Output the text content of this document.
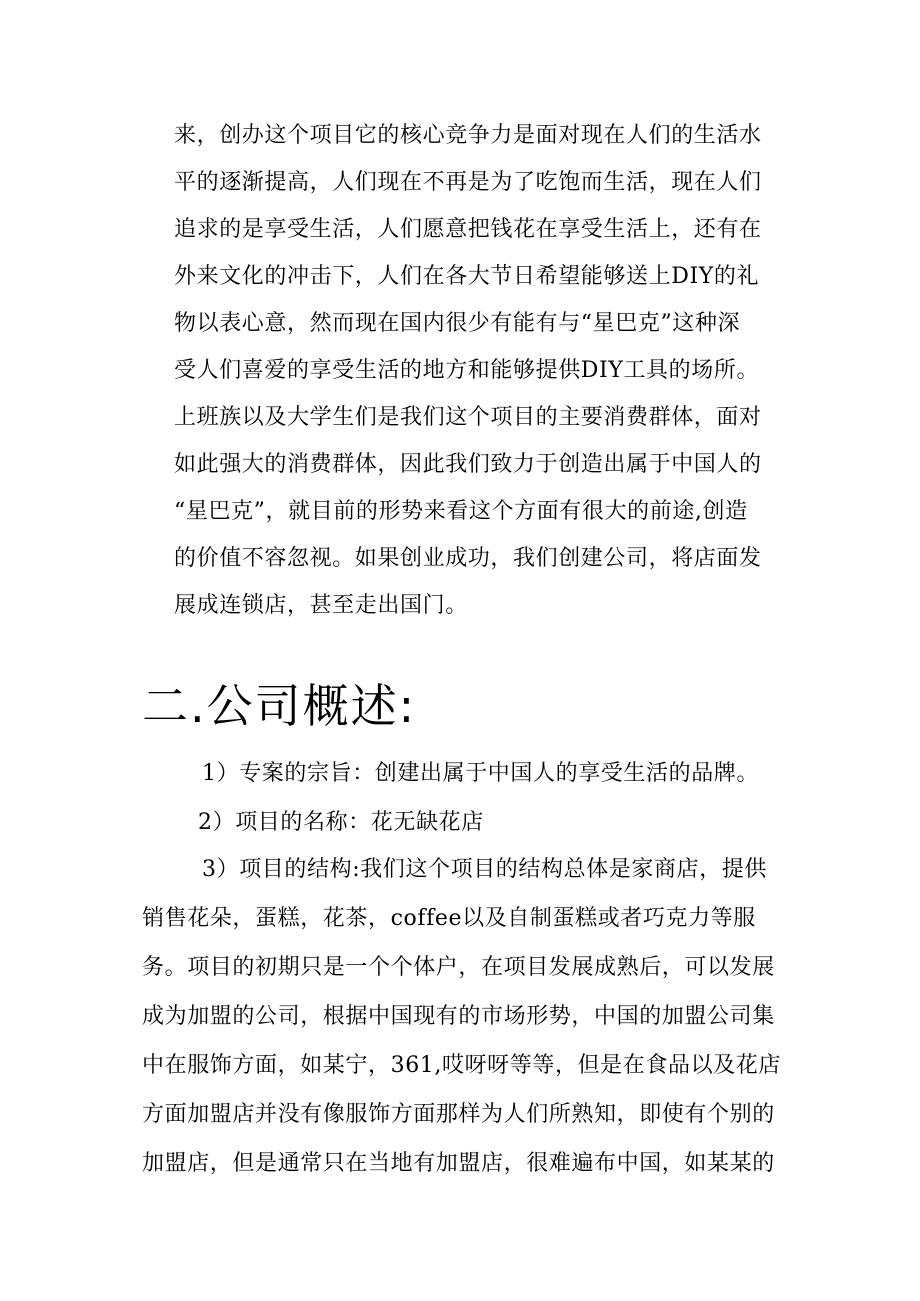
来，创办这个项目它的核心竞争力是面对现在人们的生活水
平的逐渐提高，人们现在不再是为了吃饱而生活，现在人们
追求的是享受生活，人们愿意把钱花在享受生活上，还有在
外来文化的冲击下，人们在各大节日希望能够送上DIY的礼
物以表心意，然而现在国内很少有能有与“星巴克”这种深
受人们喜爱的享受生活的地方和能够提供DIY工具的场所。
上班族以及大学生们是我们这个项目的主要消费群体，面对
如此强大的消费群体，因此我们致力于创造出属于中国人的
“星巴克”，就目前的形势来看这个方面有很大的前途,创造
的价值不容忽视。如果创业成功，我们创建公司，将店面发
展成连锁店，甚至走出国门。
二.公司概述:
1）专案的宗旨：创建出属于中国人的享受生活的品牌。
2）项目的名称：花无缺花店
3）项目的结构:我们这个项目的结构总体是家商店，提供
销售花朵，蛋糕，花茶，coffee以及自制蛋糕或者巧克力等服
务。项目的初期只是一个个体户，在项目发展成熟后，可以发展
成为加盟的公司，根据中国现有的市场形势，中国的加盟公司集
中在服饰方面，如某宁，361,哎呀呀等等，但是在食品以及花店
方面加盟店并没有像服饰方面那样为人们所熟知，即使有个别的
加盟店，但是通常只在当地有加盟店，很难遍布中国，如某某的
